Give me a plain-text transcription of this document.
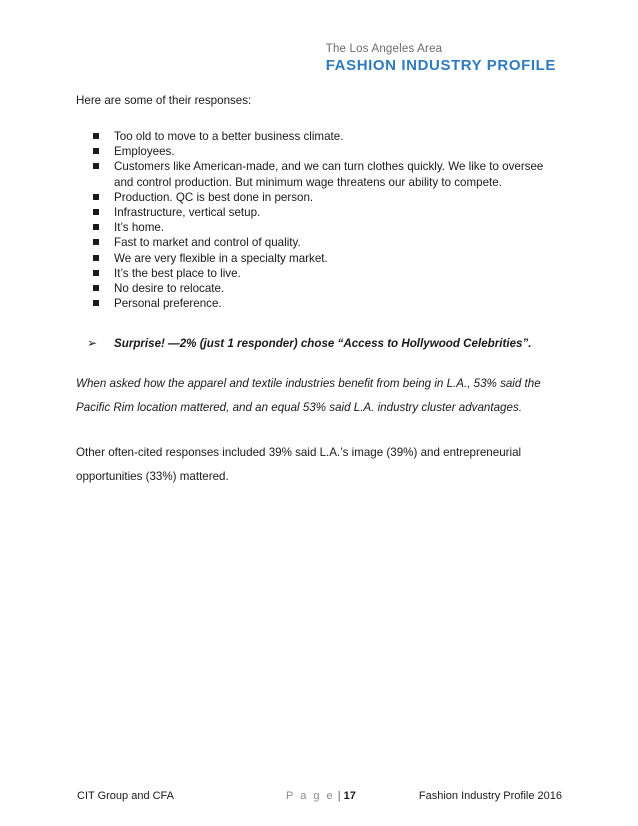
The Los Angeles Area
FASHION INDUSTRY PROFILE

Here are some of their responses:

Too old to move to a better business climate.
Employees.
Customers like American-made, and we can turn clothes quickly. We like to oversee and control production. But minimum wage threatens our ability to compete.
Production. QC is best done in person.
Infrastructure, vertical setup.
It’s home.
Fast to market and control of quality.
We are very flexible in a specialty market.
It’s the best place to live.
No desire to relocate.
Personal preference.

➢ Surprise! —2% (just 1 responder) chose “Access to Hollywood Celebrities”.

When asked how the apparel and textile industries benefit from being in L.A., 53% said the Pacific Rim location mattered, and an equal 53% said L.A. industry cluster advantages.

Other often-cited responses included 39% said L.A.’s image (39%) and entrepreneurial opportunities (33%) mattered.

CIT Group and CFA	P a g e | 17	Fashion Industry Profile 2016
